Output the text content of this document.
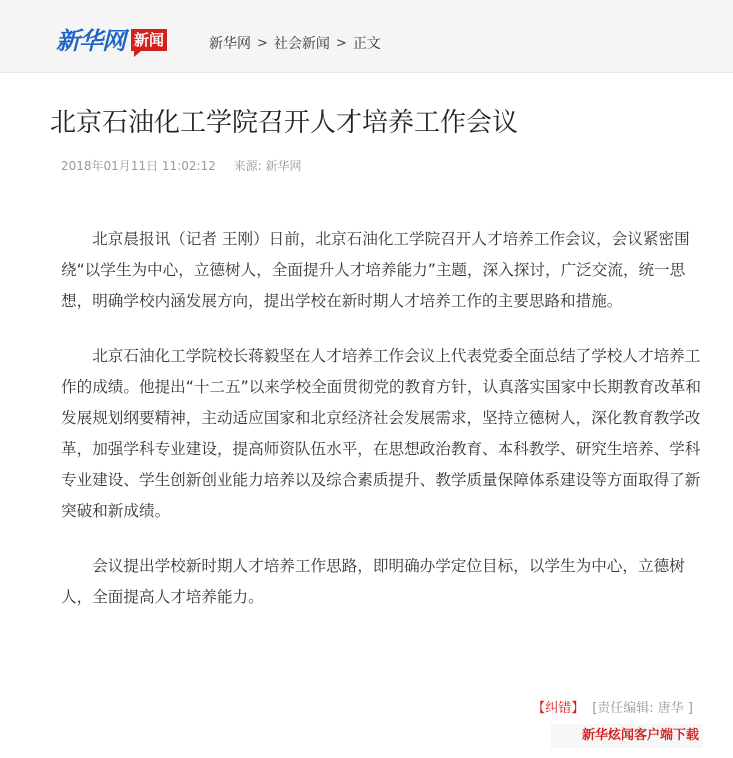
新华网 新闻	新华网 > 社会新闻 > 正文
北京石油化工学院召开人才培养工作会议
2018年01月11日 11:02:12 来源: 新华网

北京晨报讯（记者 王刚）日前，北京石油化工学院召开人才培养工作会议，会议紧密围绕“以学生为中心，立德树人，全面提升人才培养能力”主题，深入探讨，广泛交流，统一思想，明确学校内涵发展方向，提出学校在新时期人才培养工作的主要思路和措施。

北京石油化工学院校长蒋毅坚在人才培养工作会议上代表党委全面总结了学校人才培养工作的成绩。他提出“十二五”以来学校全面贯彻党的教育方针，认真落实国家中长期教育改革和发展规划纲要精神，主动适应国家和北京经济社会发展需求，坚持立德树人，深化教育教学改革，加强学科专业建设，提高师资队伍水平，在思想政治教育、本科教学、研究生培养、学科专业建设、学生创新创业能力培养以及综合素质提升、教学质量保障体系建设等方面取得了新突破和新成绩。

会议提出学校新时期人才培养工作思路，即明确办学定位目标，以学生为中心，立德树人，全面提高人才培养能力。

【纠错】 [责任编辑: 唐华 ]
新华炫闻客户端下载
